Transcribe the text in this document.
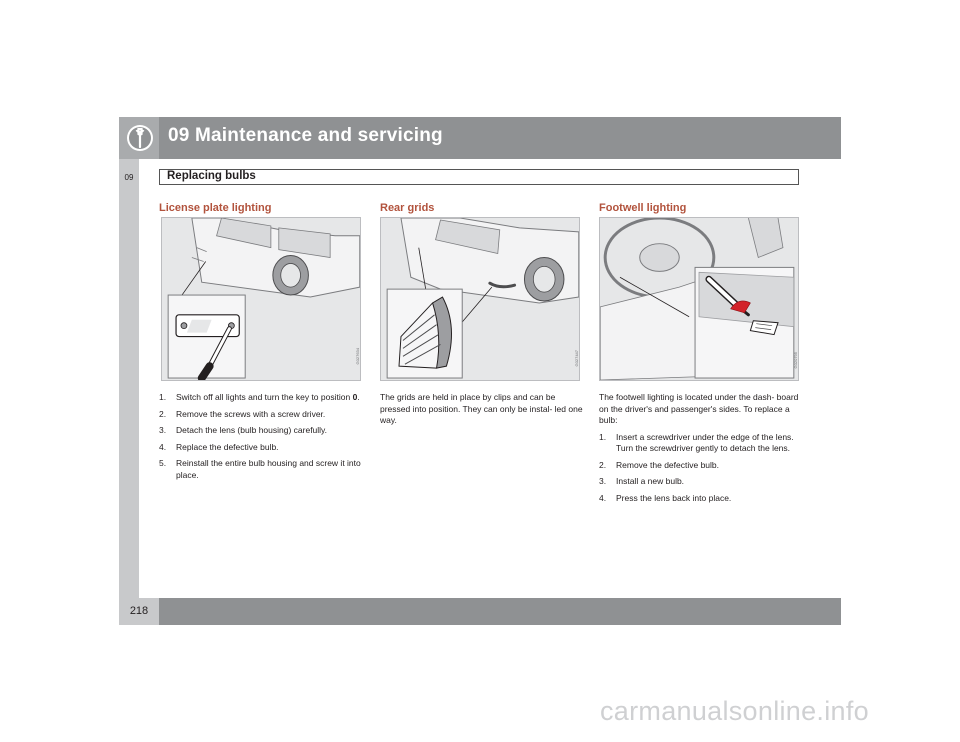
09 Maintenance and servicing
09	Replacing bulbs
License plate lighting
G027634
1. Switch off all lights and turn the key to position 0.
2. Remove the screws with a screw driver.
3. Detach the lens (bulb housing) carefully.
4. Replace the defective bulb.
5. Reinstall the entire bulb housing and screw it into place.
Rear grids
G027447

The grids are held in place by clips and can be pressed into position. They can only be instal- led one way.

Footwell lighting
G020795

The footwell lighting is located under the dash- board on the driver's and passenger's sides. To replace a bulb:

1. Insert a screwdriver under the edge of the lens. Turn the screwdriver gently to detach the lens.
2. Remove the defective bulb.
3. Install a new bulb.
4. Press the lens back into place.
218
carmanualsonline.info
